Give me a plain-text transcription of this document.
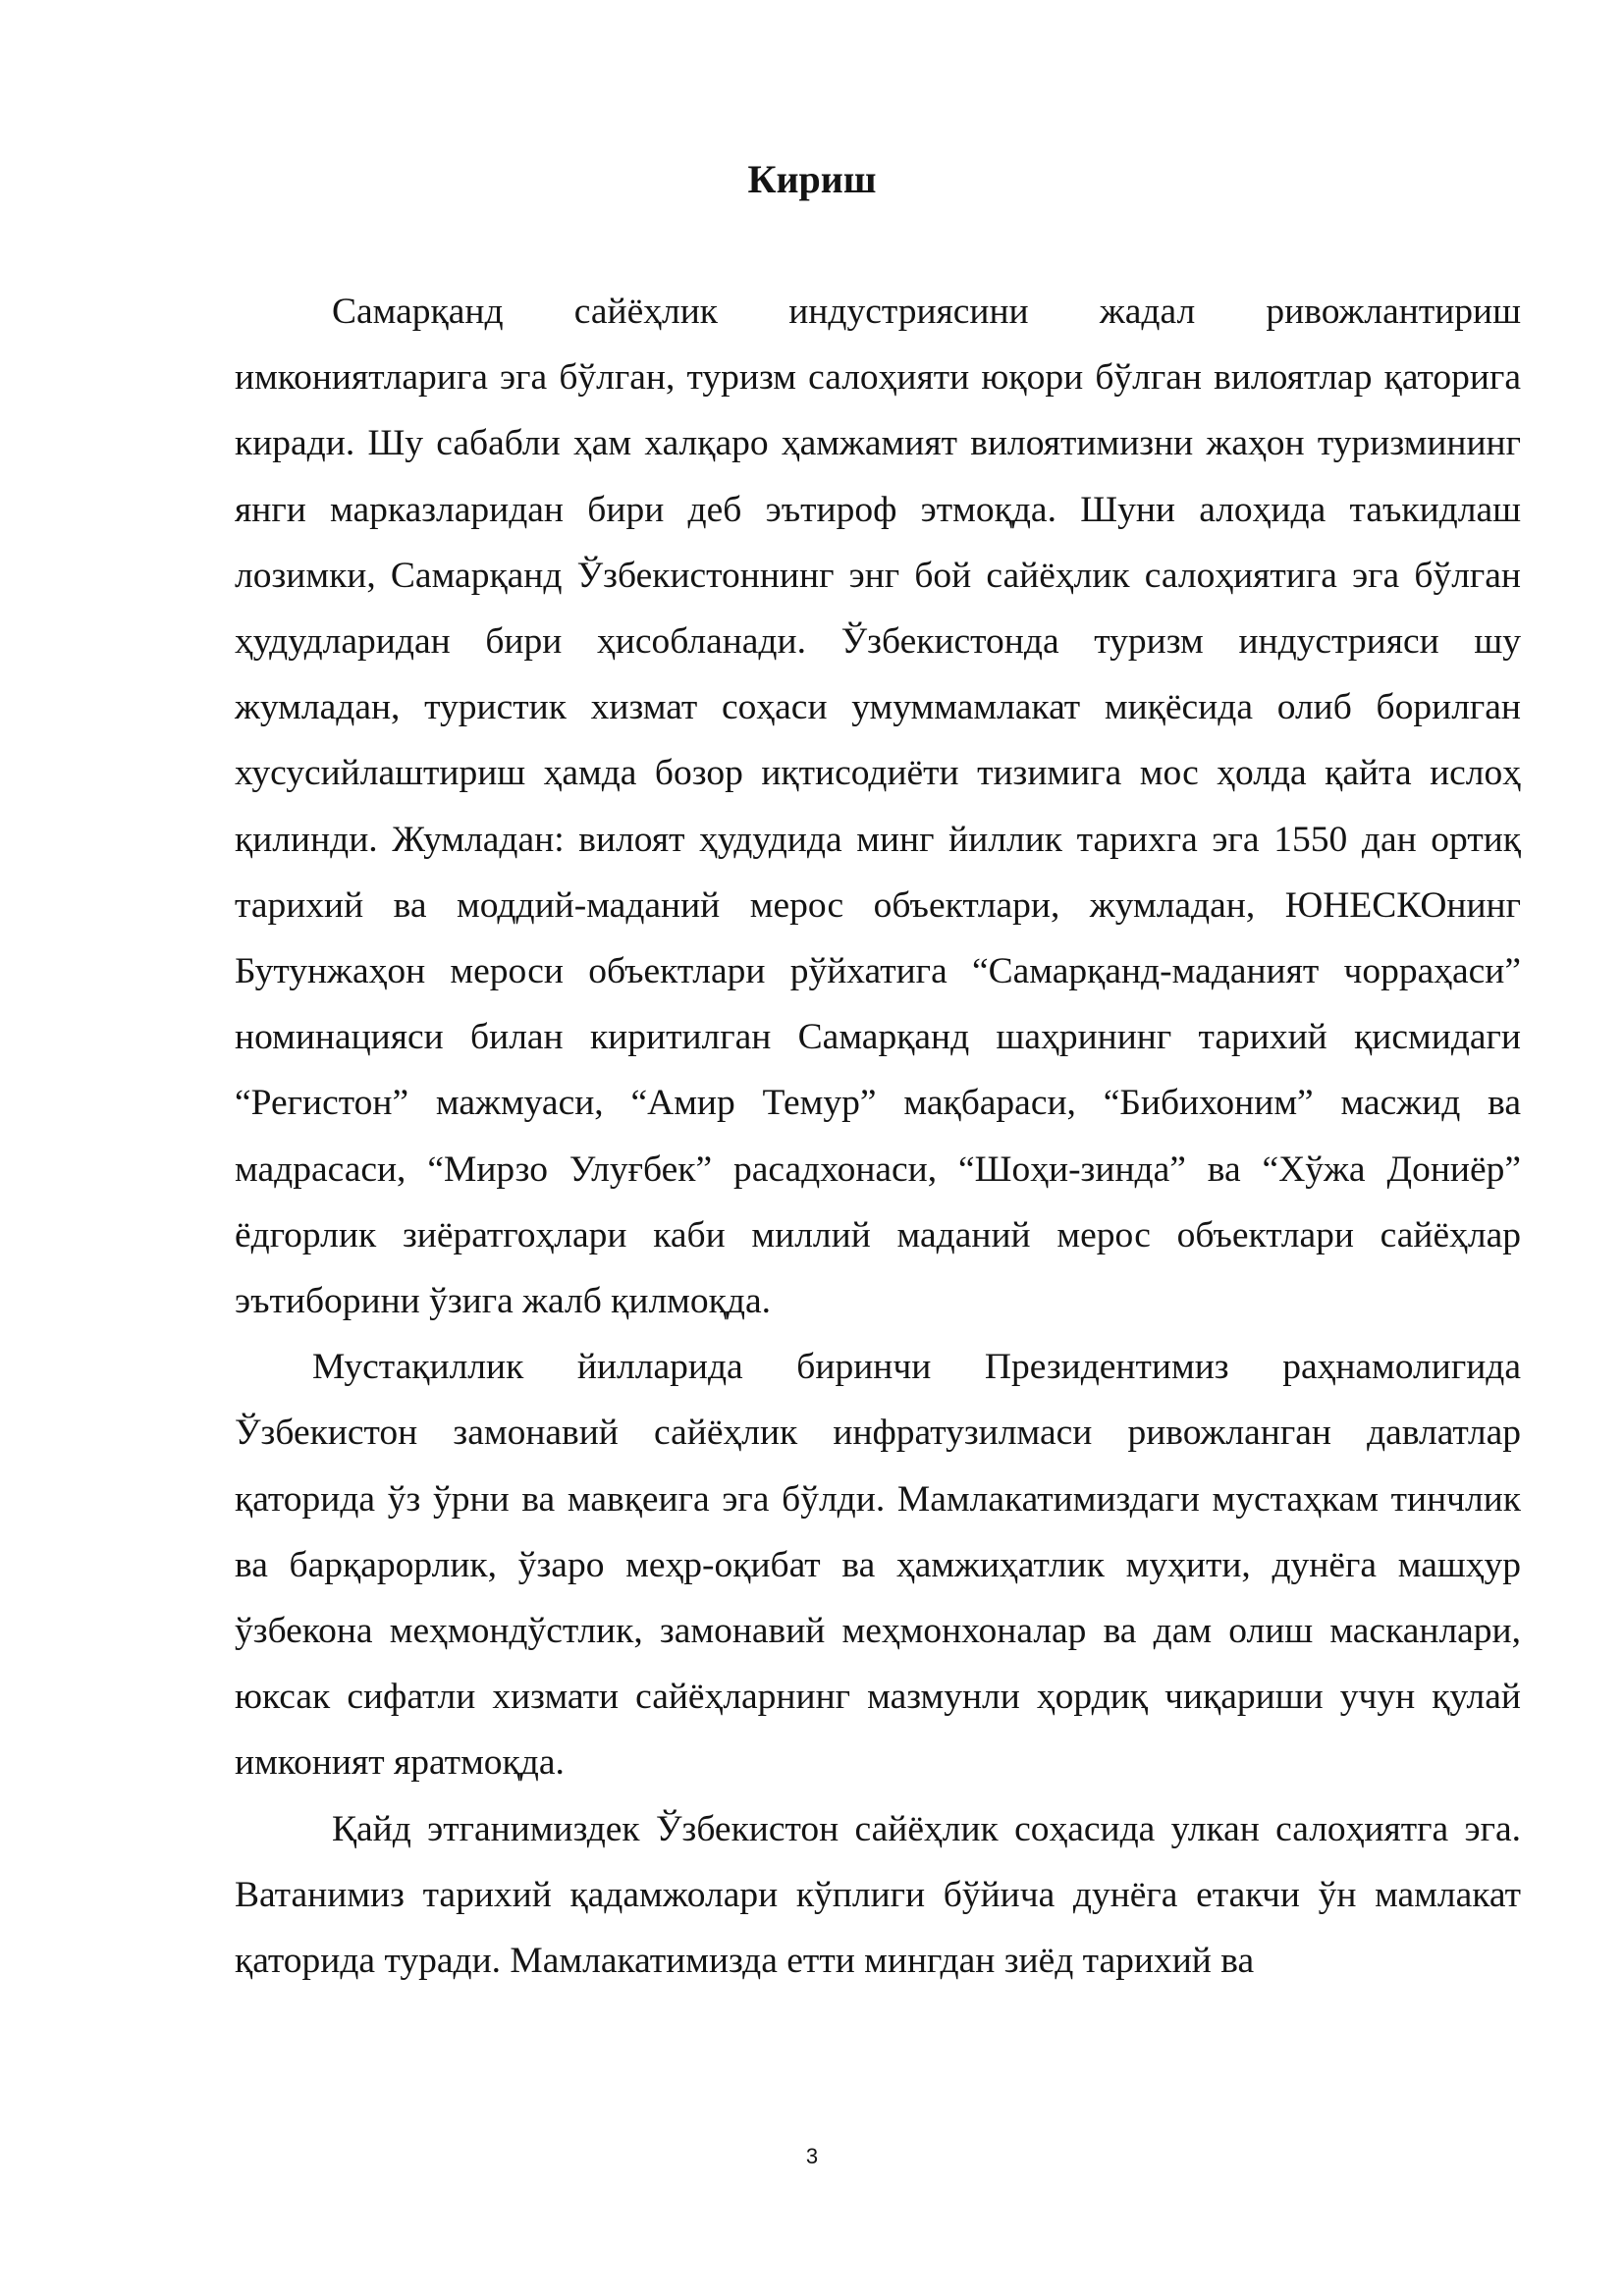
Кириш

Самарқанд сайёҳлик индустриясини жадал ривожлантириш имкониятларига эга бўлган, туризм салоҳияти юқори бўлган вилоятлар қаторига киради. Шу сабабли ҳам халқаро ҳамжамият вилоятимизни жаҳон туризмининг янги марказларидан бири деб эътироф этмоқда. Шуни алоҳида таъкидлаш лозимки, Самарқанд Ўзбекистоннинг энг бой сайёҳлик салоҳиятига эга бўлган ҳудудларидан бири ҳисобланади. Ўзбекистонда туризм индустрияси шу жумладан, туристик хизмат соҳаси умуммамлакат миқёсида олиб борилган хусусийлаштириш ҳамда бозор иқтисодиёти тизимига мос ҳолда қайта ислоҳ қилинди. Жумладан: вилоят ҳудудида минг йиллик тарихга эга 1550 дан ортиқ тарихий ва моддий-маданий мерос объектлари, жумладан, ЮНЕСКОнинг Бутунжаҳон мероси объектлари рўйхатига “Самарқанд-маданият чорраҳаси” номинацияси билан киритилган Самарқанд шаҳрининг тарихий қисмидаги “Регистон” мажмуаси, “Амир Темур” мақбараси, “Бибихоним” масжид ва мадрасаси, “Мирзо Улуғбек” расадхонаси, “Шоҳи-зинда” ва “Хўжа Дониёр” ёдгорлик зиёратгоҳлари каби миллий маданий мерос объектлари сайёҳлар эътиборини ўзига жалб қилмоқда.

Мустақиллик йилларида биринчи Президентимиз раҳнамолигида Ўзбекистон замонавий сайёҳлик инфратузилмаси ривожланган давлатлар қаторида ўз ўрни ва мавқеига эга бўлди. Мамлакатимиздаги мустаҳкам тинчлик ва барқарорлик, ўзаро меҳр-оқибат ва ҳамжиҳатлик муҳити, дунёга машҳур ўзбекона меҳмондўстлик, замонавий меҳмонхоналар ва дам олиш масканлари, юксак сифатли хизмати сайёҳларнинг мазмунли ҳордиқ чиқариши учун қулай имконият яратмоқда.

Қайд этганимиздек Ўзбекистон сайёҳлик соҳасида улкан салоҳиятга эга. Ватанимиз тарихий қадамжолари кўплиги бўйича дунёга етакчи ўн мамлакат қаторида туради. Мамлакатимизда етти мингдан зиёд тарихий ва

3
